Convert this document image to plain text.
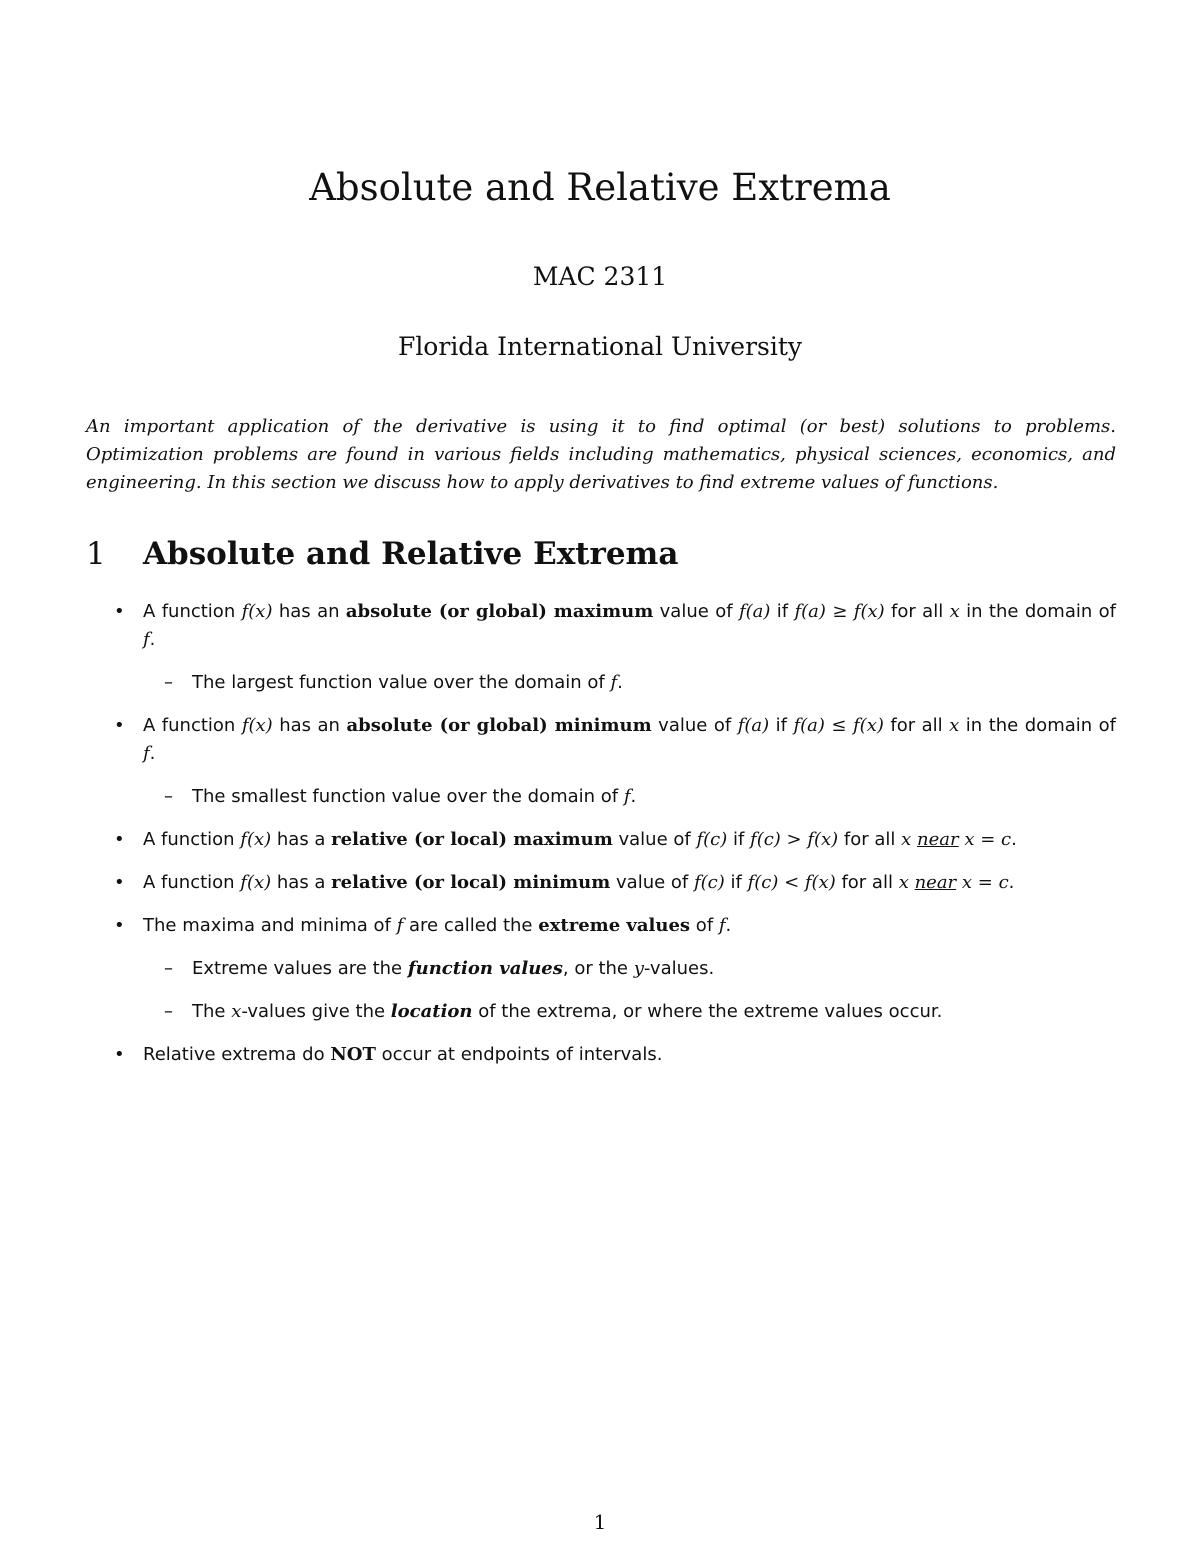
Absolute and Relative Extrema

MAC 2311

Florida International University

An important application of the derivative is using it to find optimal (or best) solutions to problems. Optimization problems are found in various fields including mathematics, physical sciences, economics, and engineering. In this section we discuss how to apply derivatives to find extreme values of functions.

1 Absolute and Relative Extrema
• A function f(x) has an absolute (or global) maximum value of f(a) if f(a) ≥ f(x) for all x in the domain of f.
– The largest function value over the domain of f.
• A function f(x) has an absolute (or global) minimum value of f(a) if f(a) ≤ f(x) for all x in the domain of f.
– The smallest function value over the domain of f.
• A function f(x) has a relative (or local) maximum value of f(c) if f(c) > f(x) for all x near x = c.
• A function f(x) has a relative (or local) minimum value of f(c) if f(c) < f(x) for all x near x = c.
• The maxima and minima of f are called the extreme values of f.
– Extreme values are the function values, or the y-values.
– The x-values give the location of the extrema, or where the extreme values occur.
• Relative extrema do NOT occur at endpoints of intervals.

1
